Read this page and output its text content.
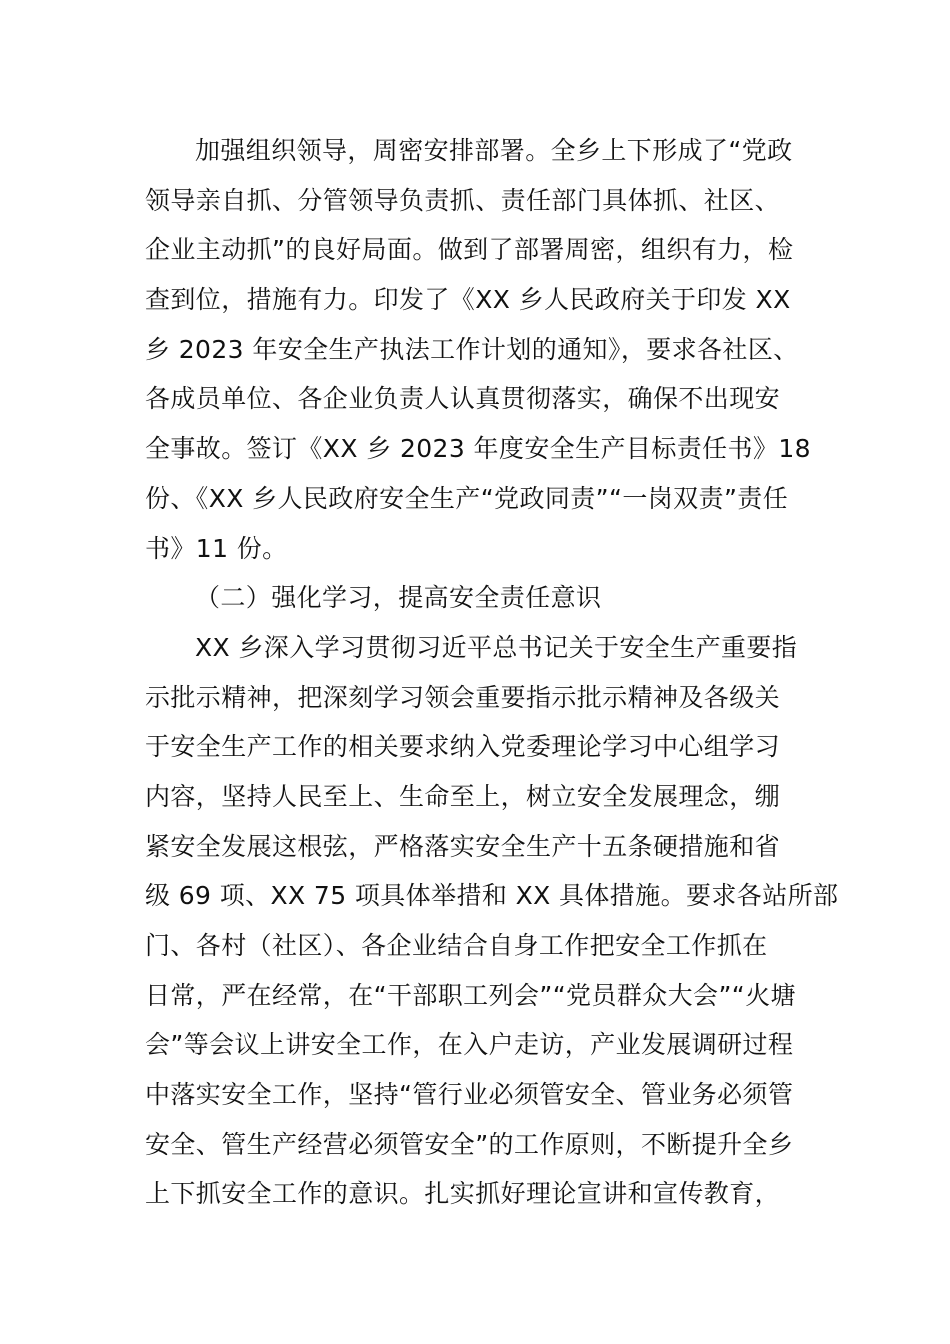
加强组织领导，周密安排部署。全乡上下形成了“党政
领导亲自抓、分管领导负责抓、责任部门具体抓、社区、
企业主动抓”的良好局面。做到了部署周密，组织有力，检
查到位，措施有力。印发了《XX 乡人民政府关于印发 XX
乡 2023 年安全生产执法工作计划的通知》，要求各社区、
各成员单位、各企业负责人认真贯彻落实，确保不出现安
全事故。签订《XX 乡 2023 年度安全生产目标责任书》18
份、《XX 乡人民政府安全生产“党政同责”“一岗双责”责任
书》11 份。
（二）强化学习，提高安全责任意识
XX 乡深入学习贯彻习近平总书记关于安全生产重要指
示批示精神，把深刻学习领会重要指示批示精神及各级关
于安全生产工作的相关要求纳入党委理论学习中心组学习
内容，坚持人民至上、生命至上，树立安全发展理念，绷
紧安全发展这根弦，严格落实安全生产十五条硬措施和省
级 69 项、XX 75 项具体举措和 XX 具体措施。要求各站所部
门、各村（社区）、各企业结合自身工作把安全工作抓在
日常，严在经常，在“干部职工列会”“党员群众大会”“火塘
会”等会议上讲安全工作，在入户走访，产业发展调研过程
中落实安全工作，坚持“管行业必须管安全、管业务必须管
安全、管生产经营必须管安全”的工作原则，不断提升全乡
上下抓安全工作的意识。扎实抓好理论宣讲和宣传教育，
